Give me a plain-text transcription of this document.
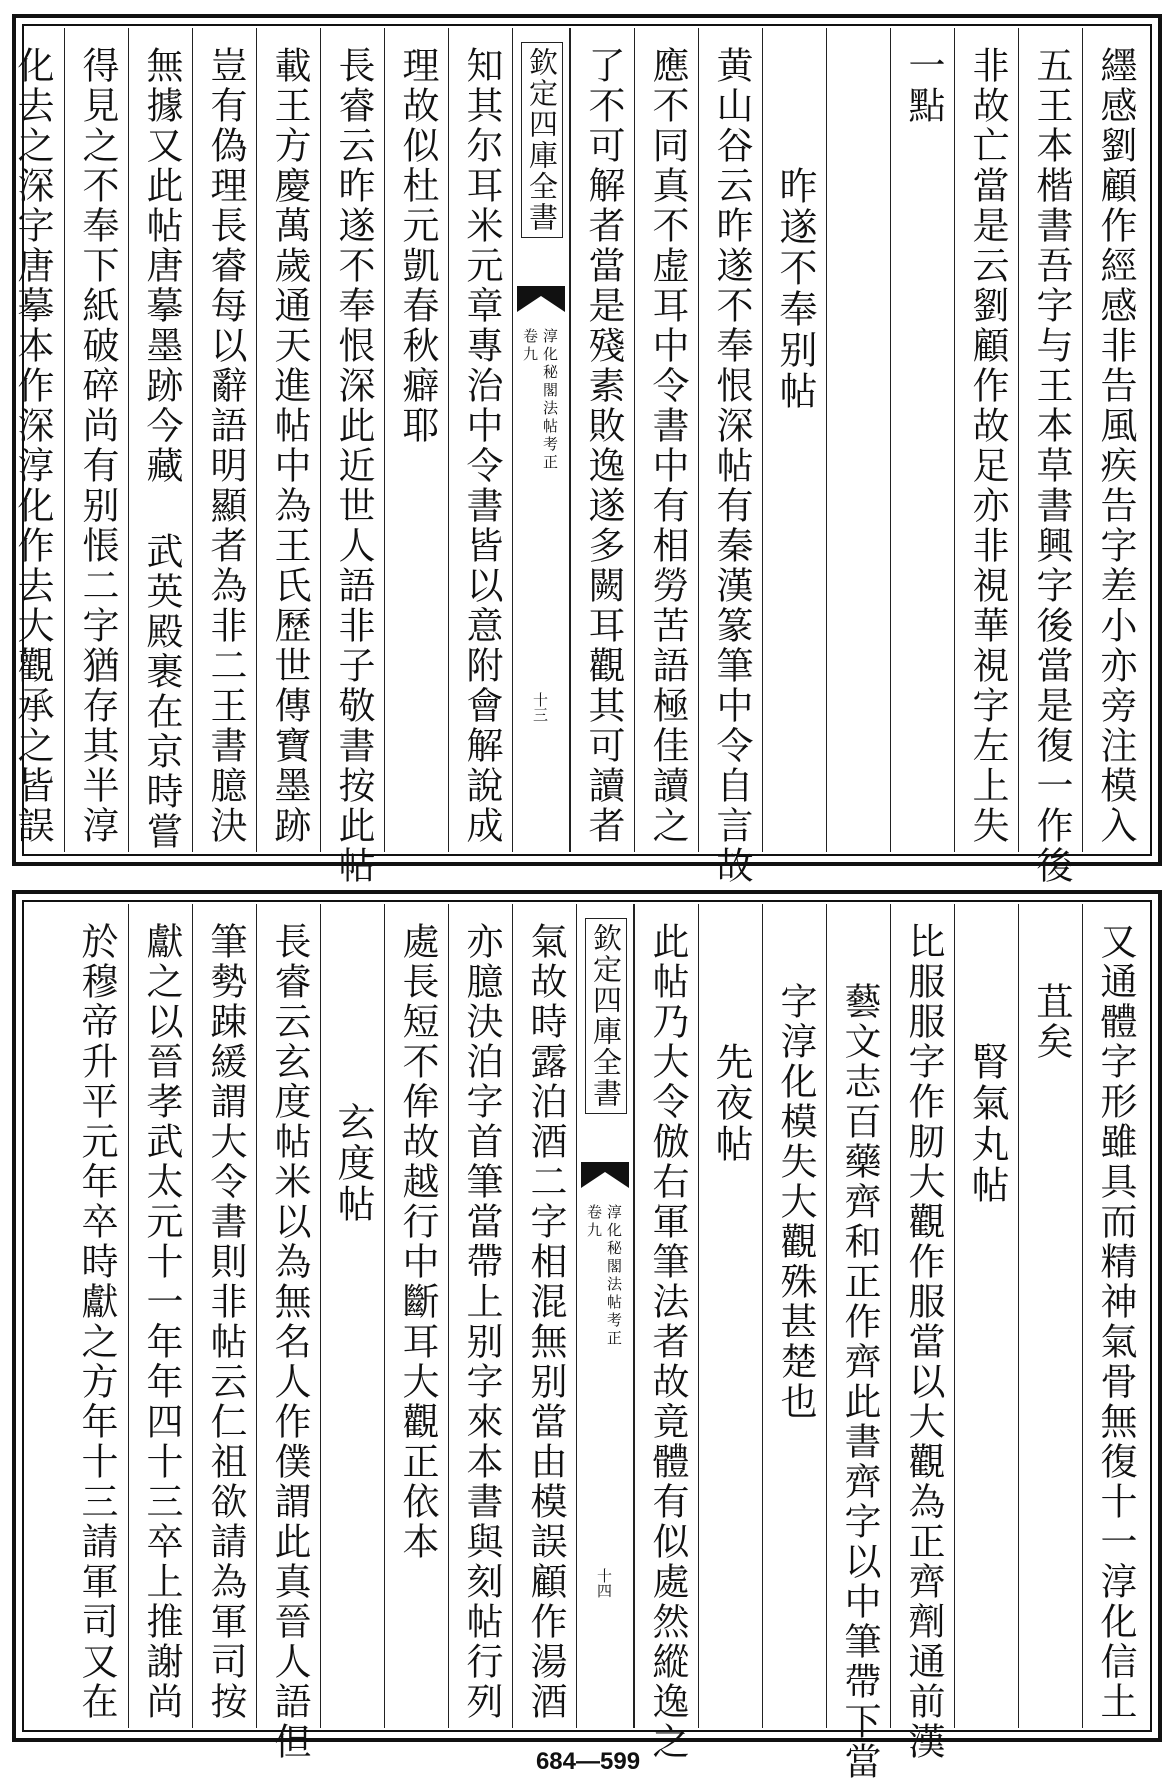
纆感劉顧作經感非告風疾告字差小亦旁注模入
五王本楷書吾字与王本草書興字後當是復一作後
非故亡當是云劉顧作故足亦非視華視字左上失
一點
昨遂不奉别帖
黄山谷云昨遂不奉恨深帖有秦漢篆筆中令自言故
應不同真不虚耳中令書中有相勞苦語極佳讀之
了不可解者當是殘素敗逸遂多闕耳觀其可讀者
欽定四庫全書
淳化秘閣法帖考正
卷九
十三
知其尔耳米元章專治中令書皆以意附會解說成
理故似杜元凱春秋癖耶
長睿云昨遂不奉恨深此近世人語非子敬書按此帖
載王方慶萬歲通天進帖中為王氏歷世傳寶墨跡
豈有偽理長睿每以辭語明顯者為非二王書臆決
無據又此帖唐摹墨跡今藏 武英殿裹在京時嘗
得見之不奉下紙破碎尚有别悵二字猶存其半淳
化去之深字唐摹本作深淳化作去大觀承之皆誤
又通體字形雖具而精神氣骨無復十一淳化信土
苴矣
腎氣丸帖
比服服字作肕大觀作服當以大觀為正齊劑通前漢
藝文志百藥齊和正作齊此書齊字以中筆帶下當
字淳化模失大觀殊甚楚也
先夜帖
此帖乃大令倣右軍筆法者故竟體有似處然縱逸之
欽定四庫全書
淳化秘閣法帖考正
卷九
十四
氣故時露泊酒二字相混無别當由模誤顧作湯酒
亦臆決泊字首筆當帶上别字來本書與刻帖行列
處長短不侔故越行中斷耳大觀正依本
玄度帖
長睿云玄度帖米以為無名人作僕謂此真晉人語但
筆勢踈緩謂大令書則非帖云仁祖欲請為軍司按
獻之以晉孝武太元十一年年四十三卒上推謝尚
於穆帝升平元年卒時獻之方年十三請軍司又在
684—599
